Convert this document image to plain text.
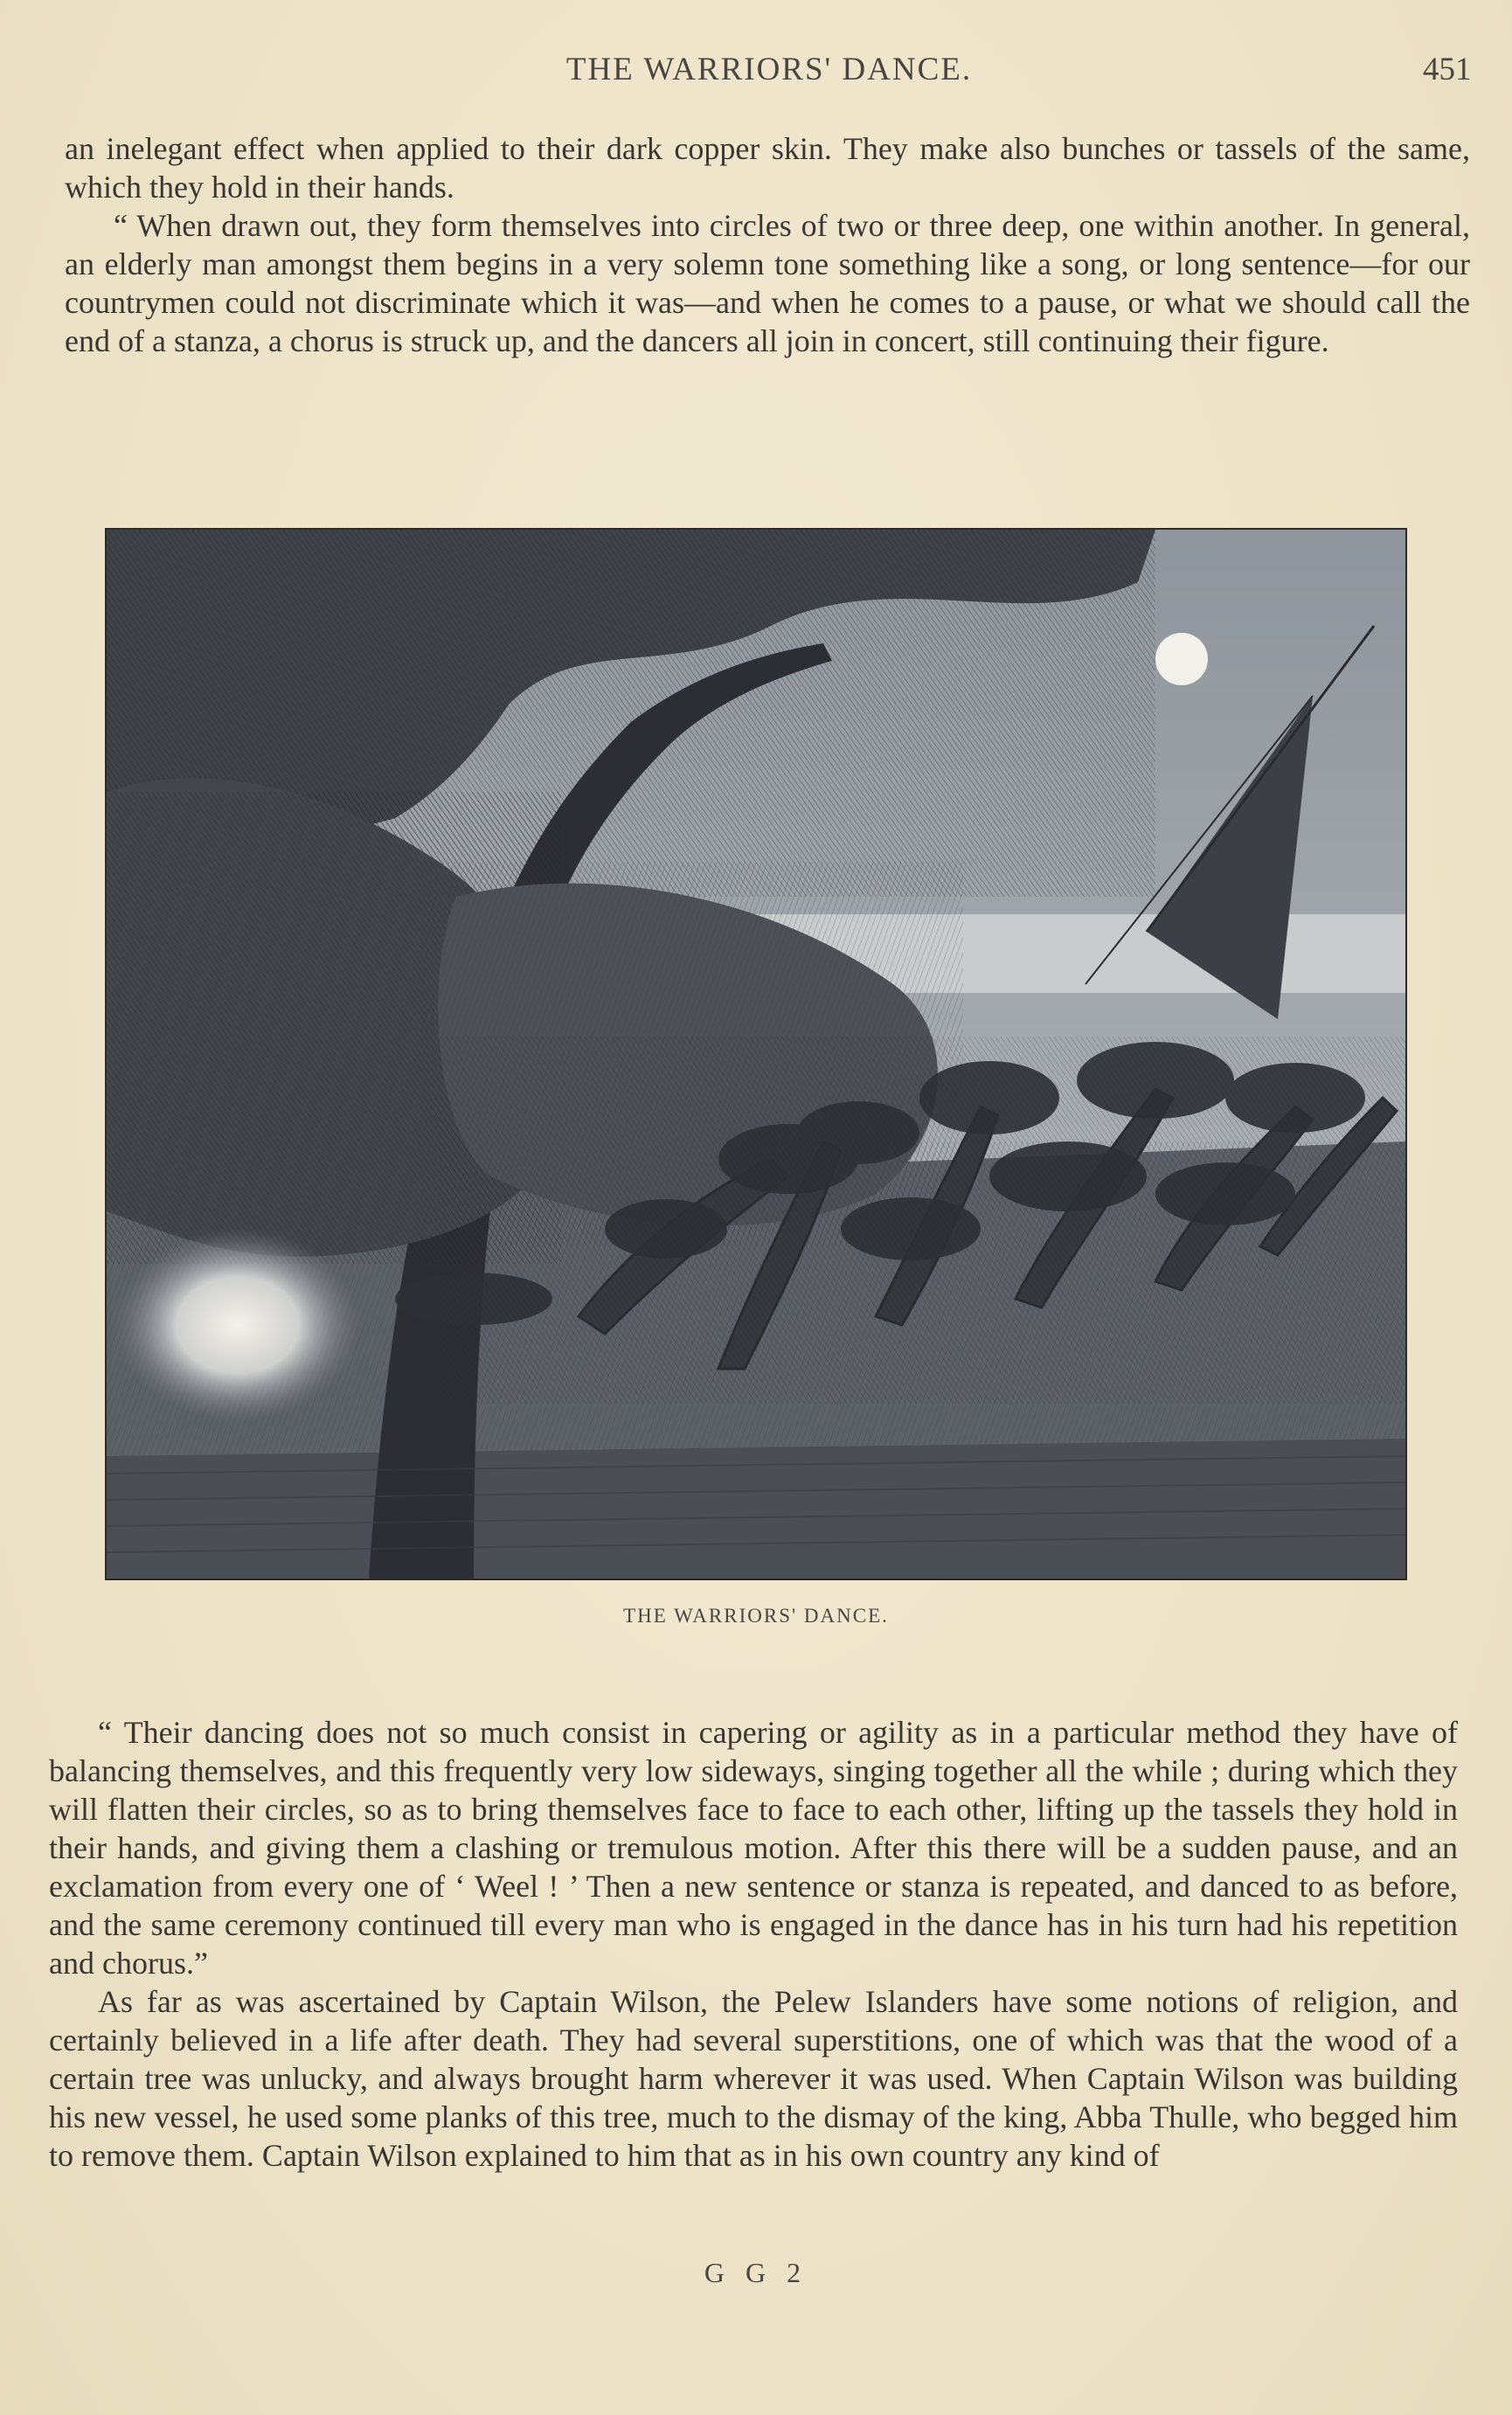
THE WARRIORS' DANCE.	451

an inelegant effect when applied to their dark copper skin. They make also bunches or tassels of the same, which they hold in their hands.

“ When drawn out, they form themselves into circles of two or three deep, one within another. In general, an elderly man amongst them begins in a very solemn tone something like a song, or long sentence—for our countrymen could not discriminate which it was—and when he comes to a pause, or what we should call the end of a stanza, a chorus is struck up, and the dancers all join in concert, still continuing their figure.

THE WARRIORS' DANCE.

“ Their dancing does not so much consist in capering or agility as in a particular method they have of balancing themselves, and this frequently very low sideways, singing together all the while ; during which they will flatten their circles, so as to bring themselves face to face to each other, lifting up the tassels they hold in their hands, and giving them a clashing or tremulous motion. After this there will be a sudden pause, and an exclamation from every one of ‘ Weel ! ’ Then a new sentence or stanza is repeated, and danced to as before, and the same ceremony continued till every man who is engaged in the dance has in his turn had his repetition and chorus.”

As far as was ascertained by Captain Wilson, the Pelew Islanders have some notions of religion, and certainly believed in a life after death. They had several superstitions, one of which was that the wood of a certain tree was unlucky, and always brought harm wherever it was used. When Captain Wilson was building his new vessel, he used some planks of this tree, much to the dismay of the king, Abba Thulle, who begged him to remove them. Captain Wilson explained to him that as in his own country any kind of

G G 2
